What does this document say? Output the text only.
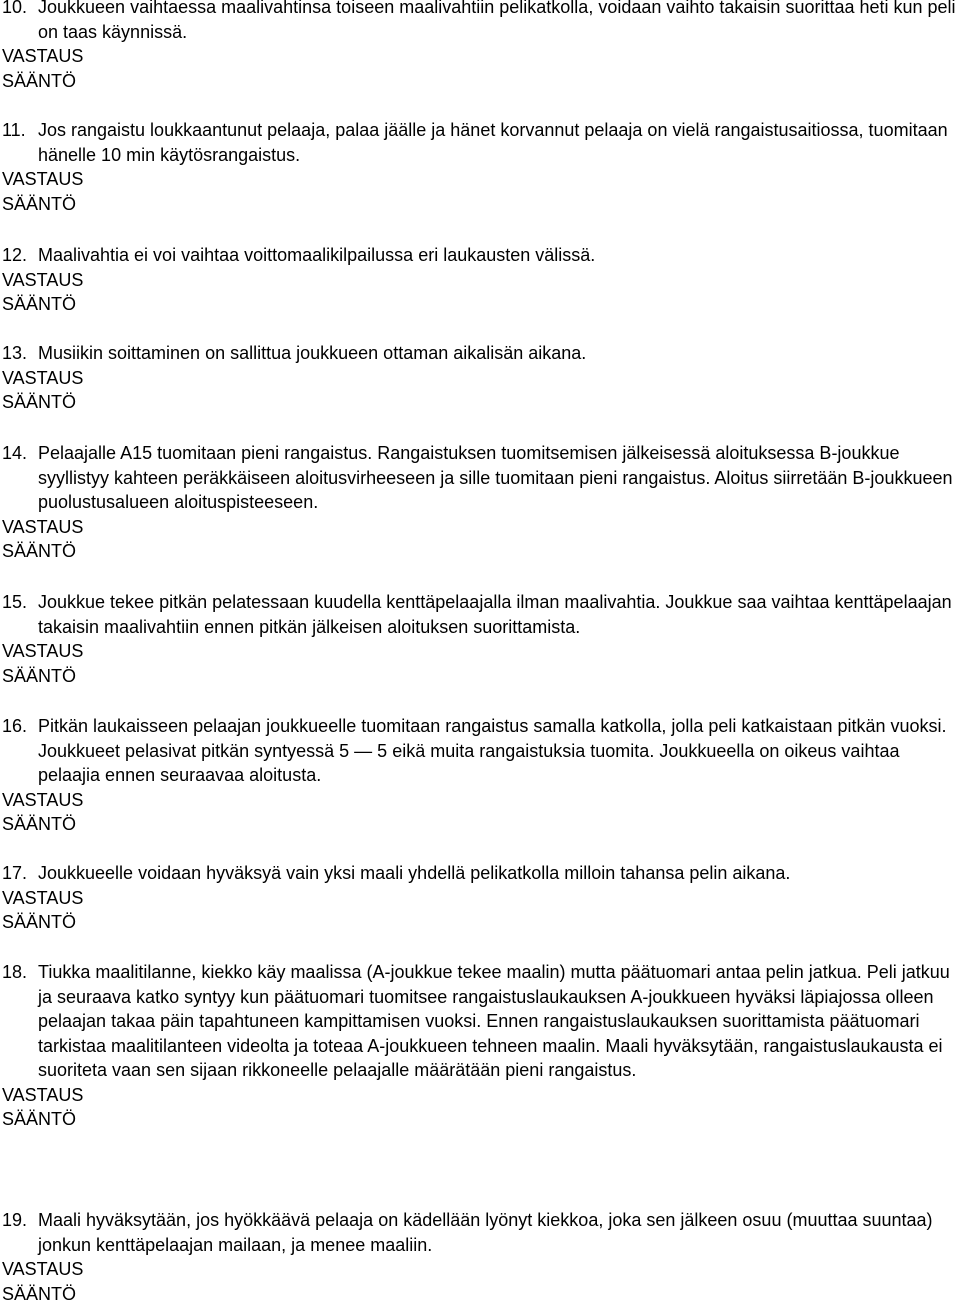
10. Joukkueen vaihtaessa maalivahtinsa toiseen maalivahtiin pelikatkolla, voidaan vaihto takaisin suorittaa heti kun peli on taas käynnissä.
VASTAUS
SÄÄNTÖ
11. Jos rangaistu loukkaantunut pelaaja, palaa jäälle ja hänet korvannut pelaaja on vielä rangaistusaitiossa, tuomitaan hänelle 10 min käytösrangaistus.
VASTAUS
SÄÄNTÖ
12. Maalivahtia ei voi vaihtaa voittomaalikilpailussa eri laukausten välissä.
VASTAUS
SÄÄNTÖ
13. Musiikin soittaminen on sallittua joukkueen ottaman aikalisän aikana.
VASTAUS
SÄÄNTÖ
14. Pelaajalle A15 tuomitaan pieni rangaistus. Rangaistuksen tuomitsemisen jälkeisessä aloituksessa B-joukkue syyllistyy kahteen peräkkäiseen aloitusvirheeseen ja sille tuomitaan pieni rangaistus. Aloitus siirretään B-joukkueen puolustusalueen aloituspisteeseen.
VASTAUS
SÄÄNTÖ
15. Joukkue tekee pitkän pelatessaan kuudella kenttäpelaajalla ilman maalivahtia. Joukkue saa vaihtaa kenttäpelaajan takaisin maalivahtiin ennen pitkän jälkeisen aloituksen suorittamista.
VASTAUS
SÄÄNTÖ
16. Pitkän laukaisseen pelaajan joukkueelle tuomitaan rangaistus samalla katkolla, jolla peli katkaistaan pitkän vuoksi. Joukkueet pelasivat pitkän syntyessä 5 — 5 eikä muita rangaistuksia tuomita. Joukkueella on oikeus vaihtaa pelaajia ennen seuraavaa aloitusta.
VASTAUS
SÄÄNTÖ
17. Joukkueelle voidaan hyväksyä vain yksi maali yhdellä pelikatkolla milloin tahansa pelin aikana.
VASTAUS
SÄÄNTÖ
18. Tiukka maalitilanne, kiekko käy maalissa (A-joukkue tekee maalin) mutta päätuomari antaa pelin jatkua. Peli jatkuu ja seuraava katko syntyy kun päätuomari tuomitsee rangaistuslaukauksen A-joukkueen hyväksi läpiajossa olleen pelaajan takaa päin tapahtuneen kampittamisen vuoksi. Ennen rangaistuslaukauksen suorittamista päätuomari tarkistaa maalitilanteen videolta ja toteaa A-joukkueen tehneen maalin. Maali hyväksytään, rangaistuslaukausta ei suoriteta vaan sen sijaan rikkoneelle pelaajalle määrätään pieni rangaistus.
VASTAUS
SÄÄNTÖ
19. Maali hyväksytään, jos hyökkäävä pelaaja on kädellään lyönyt kiekkoa, joka sen jälkeen osuu (muuttaa suuntaa) jonkun kenttäpelaajan mailaan, ja menee maaliin.
VASTAUS
SÄÄNTÖ
